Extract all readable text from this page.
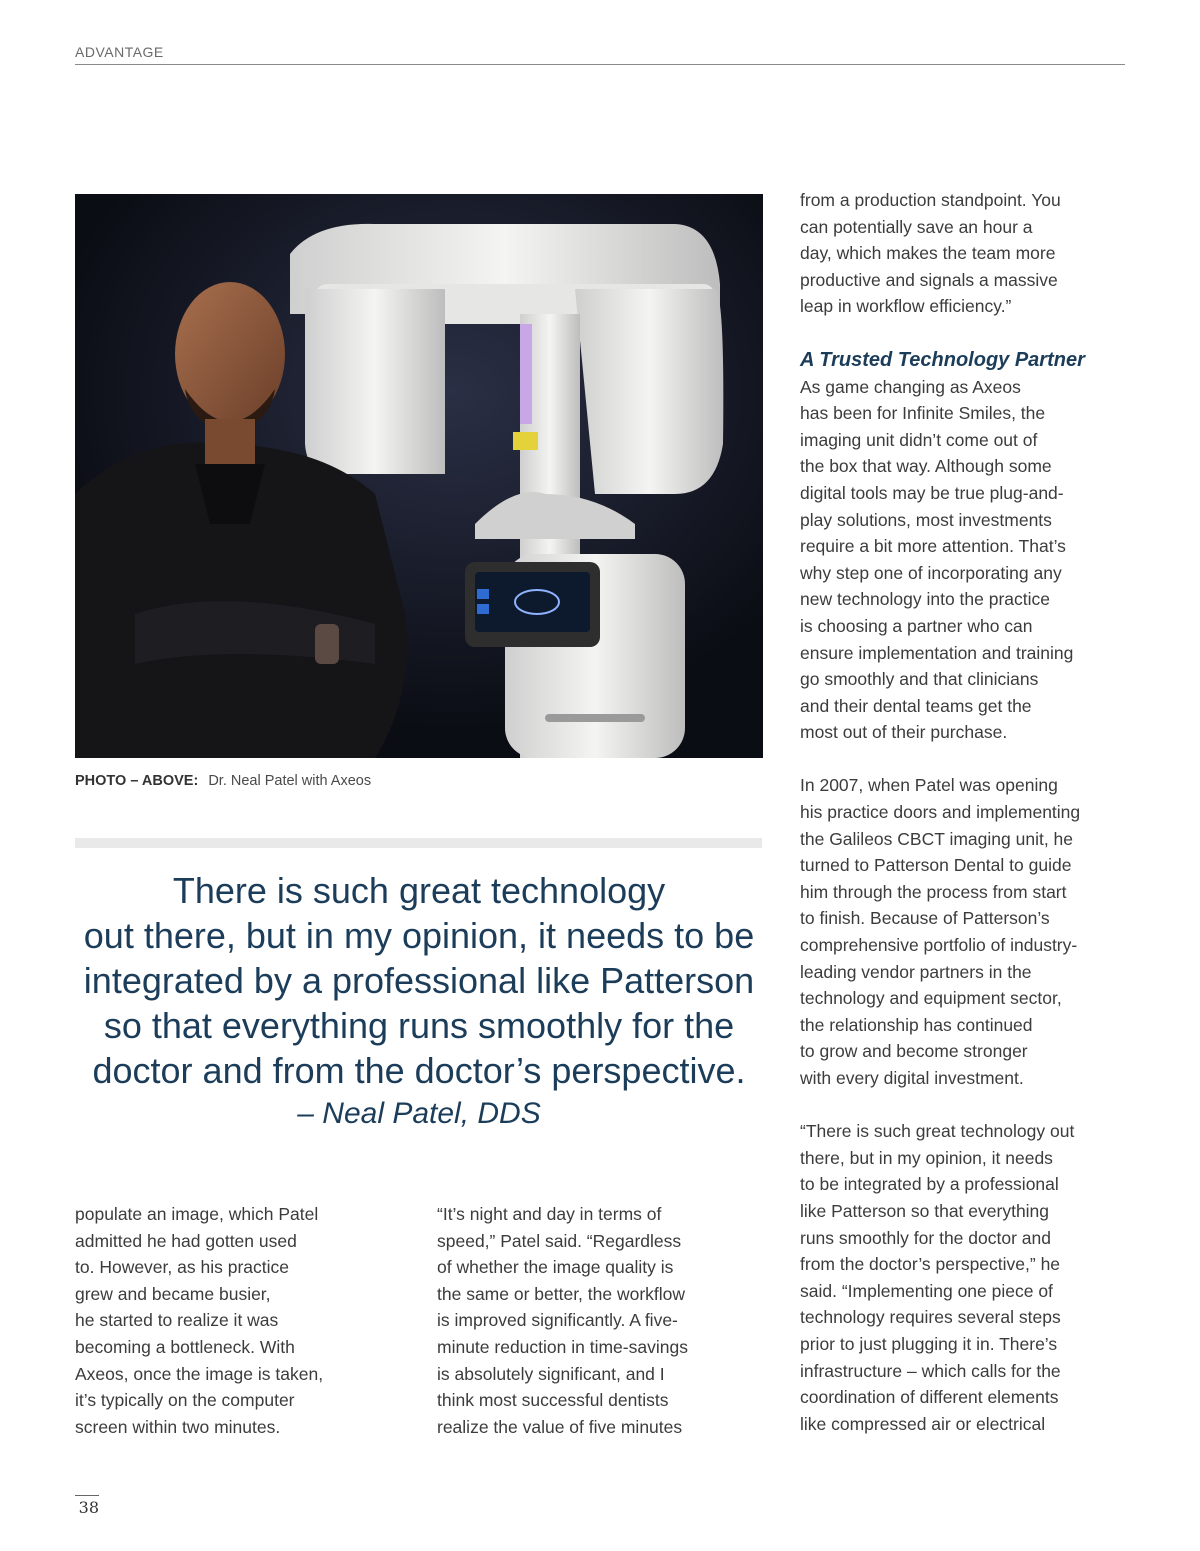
ADVANTAGE
PHOTO – ABOVE: Dr. Neal Patel with Axeos
There is such great technology
out there, but in my opinion, it needs to be
integrated by a professional like Patterson
so that everything runs smoothly for the
doctor and from the doctor’s perspective.
– Neal Patel, DDS
populate an image, which Patel
admitted he had gotten used
to. However, as his practice
grew and became busier,
he started to realize it was
becoming a bottleneck. With
Axeos, once the image is taken,
it’s typically on the computer
screen within two minutes.
“It’s night and day in terms of
speed,” Patel said. “Regardless
of whether the image quality is
the same or better, the workflow
is improved significantly. A five-
minute reduction in time-savings
is absolutely significant, and I
think most successful dentists
realize the value of five minutes
from a production standpoint. You
can potentially save an hour a
day, which makes the team more
productive and signals a massive
leap in workflow efficiency.”
A Trusted Technology Partner
As game changing as Axeos
has been for Infinite Smiles, the
imaging unit didn’t come out of
the box that way. Although some
digital tools may be true plug-and-
play solutions, most investments
require a bit more attention. That’s
why step one of incorporating any
new technology into the practice
is choosing a partner who can
ensure implementation and training
go smoothly and that clinicians
and their dental teams get the
most out of their purchase.
In 2007, when Patel was opening
his practice doors and implementing
the Galileos CBCT imaging unit, he
turned to Patterson Dental to guide
him through the process from start
to finish. Because of Patterson’s
comprehensive portfolio of industry-
leading vendor partners in the
technology and equipment sector,
the relationship has continued
to grow and become stronger
with every digital investment.
“There is such great technology out
there, but in my opinion, it needs
to be integrated by a professional
like Patterson so that everything
runs smoothly for the doctor and
from the doctor’s perspective,” he
said. “Implementing one piece of
technology requires several steps
prior to just plugging it in. There’s
infrastructure – which calls for the
coordination of different elements
like compressed air or electrical
38
